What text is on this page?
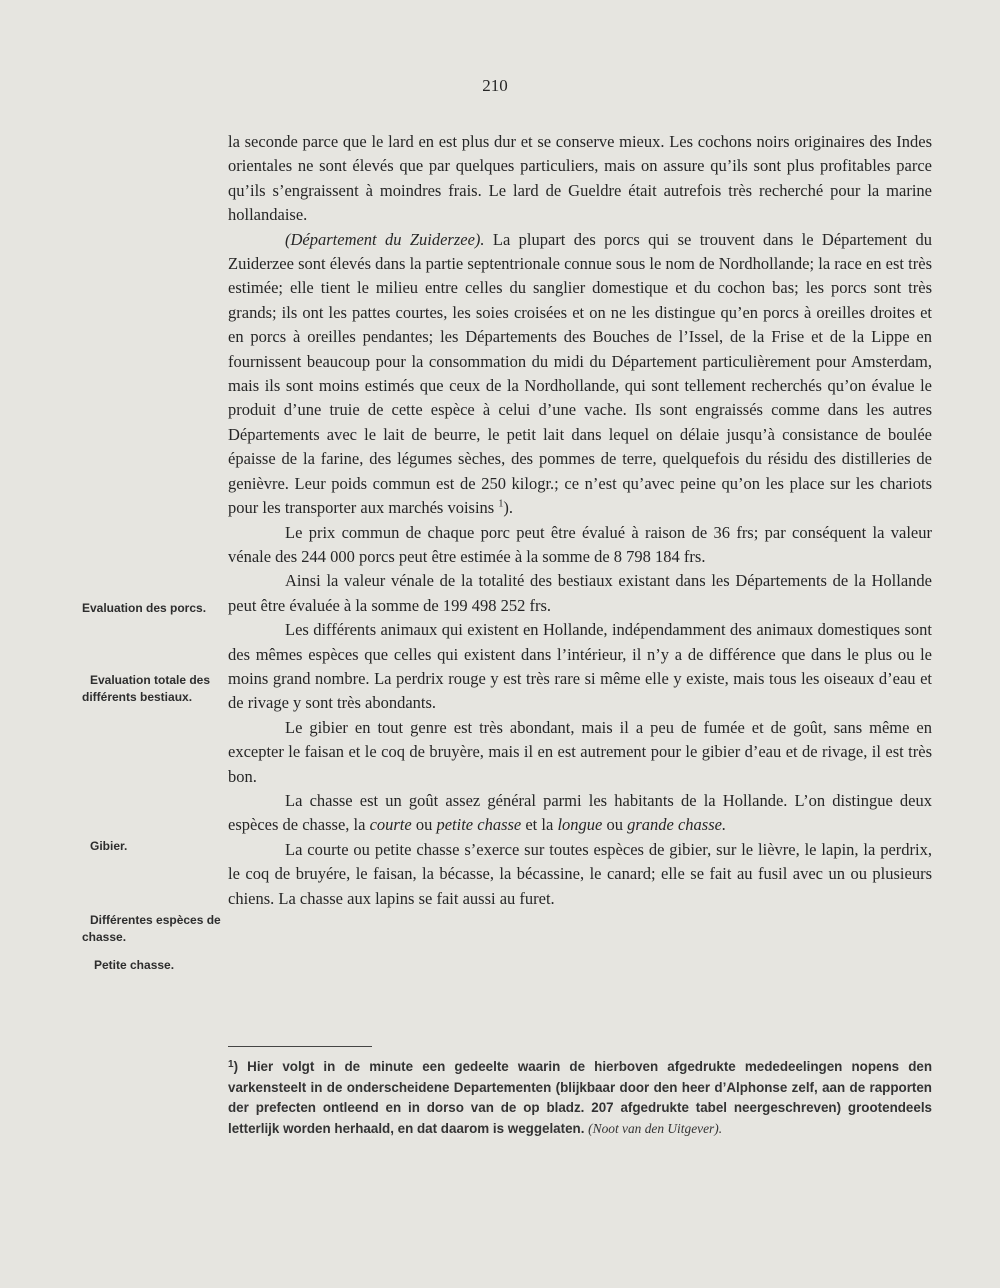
210

la seconde parce que le lard en est plus dur et se conserve mieux. Les cochons noirs originaires des Indes orientales ne sont élevés que par quelques particuliers, mais on assure qu’ils sont plus profitables parce qu’ils s’engraissent à moindres frais. Le lard de Gueldre était autrefois très recherché pour la marine hollandaise.

(Département du Zuiderzee). La plupart des porcs qui se trouvent dans le Département du Zuiderzee sont élevés dans la partie septentrionale connue sous le nom de Nordhollande; la race en est très estimée; elle tient le milieu entre celles du sanglier domestique et du cochon bas; les porcs sont très grands; ils ont les pattes courtes, les soies croisées et on ne les distingue qu’en porcs à oreilles droites et en porcs à oreilles pendantes; les Départements des Bouches de l’Issel, de la Frise et de la Lippe en fournissent beaucoup pour la consommation du midi du Département particulièrement pour Amsterdam, mais ils sont moins estimés que ceux de la Nordhollande, qui sont tellement recherchés qu’on évalue le produit d’une truie de cette espèce à celui d’une vache. Ils sont engraissés comme dans les autres Départements avec le lait de beurre, le petit lait dans lequel on délaie jusqu’à consistance de boulée épaisse de la farine, des légumes sèches, des pommes de terre, quelquefois du résidu des distilleries de genièvre. Leur poids commun est de 250 kilogr.; ce n’est qu’avec peine qu’on les place sur les chariots pour les transporter aux marchés voisins $^1$).

Le prix commun de chaque porc peut être évalué à raison de 36 frs; par conséquent la valeur vénale des 244 000 porcs peut être estimée à la somme de 8 798 184 frs.

Ainsi la valeur vénale de la totalité des bestiaux existant dans les Départements de la Hollande peut être évaluée à la somme de 199 498 252 frs.

Les différents animaux qui existent en Hollande, indépendamment des animaux domestiques sont des mêmes espèces que celles qui existent dans l’intérieur, il n’y a de différence que dans le plus ou le moins grand nombre. La perdrix rouge y est très rare si même elle y existe, mais tous les oiseaux d’eau et de rivage y sont très abondants.

Le gibier en tout genre est très abondant, mais il a peu de fumée et de goût, sans même en excepter le faisan et le coq de bruyère, mais il en est autrement pour le gibier d’eau et de rivage, il est très bon.

La chasse est un goût assez général parmi les habitants de la Hollande. L’on distingue deux espèces de chasse, la courte ou petite chasse et la longue ou grande chasse.

La courte ou petite chasse s’exerce sur toutes espèces de gibier, sur le lièvre, le lapin, la perdrix, le coq de bruyére, le faisan, la bécasse, la bécassine, le canard; elle se fait au fusil avec un ou plusieurs chiens. La chasse aux lapins se fait aussi au furet.

Evaluation des porcs.
Evaluation totale des différents bestiaux.
Gibier.
Différentes espèces de chasse.
Petite chasse.
$^1$) Hier volgt in de minute een gedeelte waarin de hierboven afgedrukte mededeelingen nopens den varkensteelt in de onderscheidene Departementen (blijkbaar door den heer d’Alphonse zelf, aan de rapporten der prefecten ontleend en in dorso van de op bladz. 207 afgedrukte tabel neergeschreven) grootendeels letterlijk worden herhaald, en dat daarom is weggelaten. (Noot van den Uitgever).
